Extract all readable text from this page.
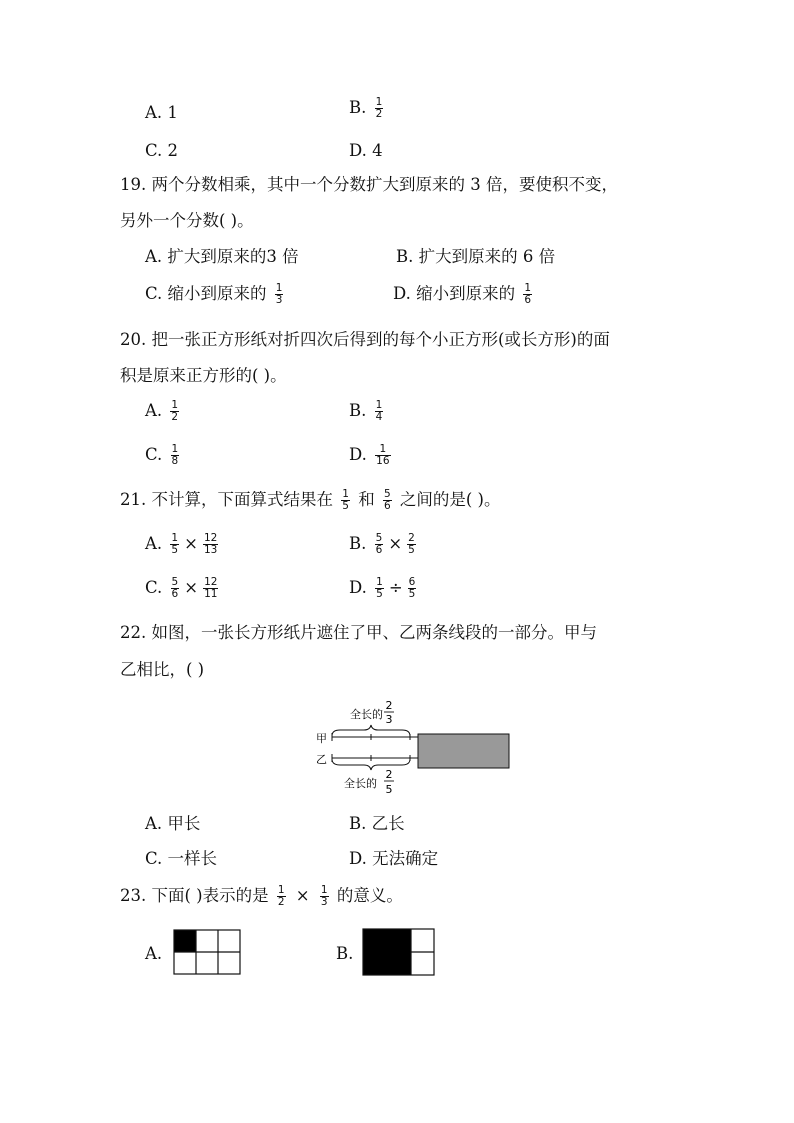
A. 1	B. $\frac{1}{2}$
C. 2	D. 4
19. 两个分数相乘，其中一个分数扩大到原来的 3 倍，要使积不变，
另外一个分数( )。
A. 扩大到原来的3 倍	B. 扩大到原来的 6 倍
C. 缩小到原来的 $\frac{1}{3}$	D. 缩小到原来的 $\frac{1}{6}$
20. 把一张正方形纸对折四次后得到的每个小正方形(或长方形)的面
积是原来正方形的( )。
A. $\frac{1}{2}$	B. $\frac{1}{4}$
C. $\frac{1}{8}$	D. $\frac{1}{16}$
21. 不计算，下面算式结果在 $\frac{1}{5}$ 和 $\frac{5}{6}$ 之间的是( )。
A. $\frac{1}{5} \times \frac{12}{13}$	B. $\frac{5}{6} \times \frac{2}{5}$
C. $\frac{5}{6} \times \frac{12}{11}$	D. $\frac{1}{5} \div \frac{6}{5}$
22. 如图，一张长方形纸片遮住了甲、乙两条线段的一部分。甲与
乙相比，( )
全长的
2
3
甲
乙
全长的
2
5
A. 甲长	B. 乙长
C. 一样长	D. 无法确定
23. 下面( )表示的是 $\frac{1}{2} \times \frac{1}{3}$ 的意义。
A.	B.
